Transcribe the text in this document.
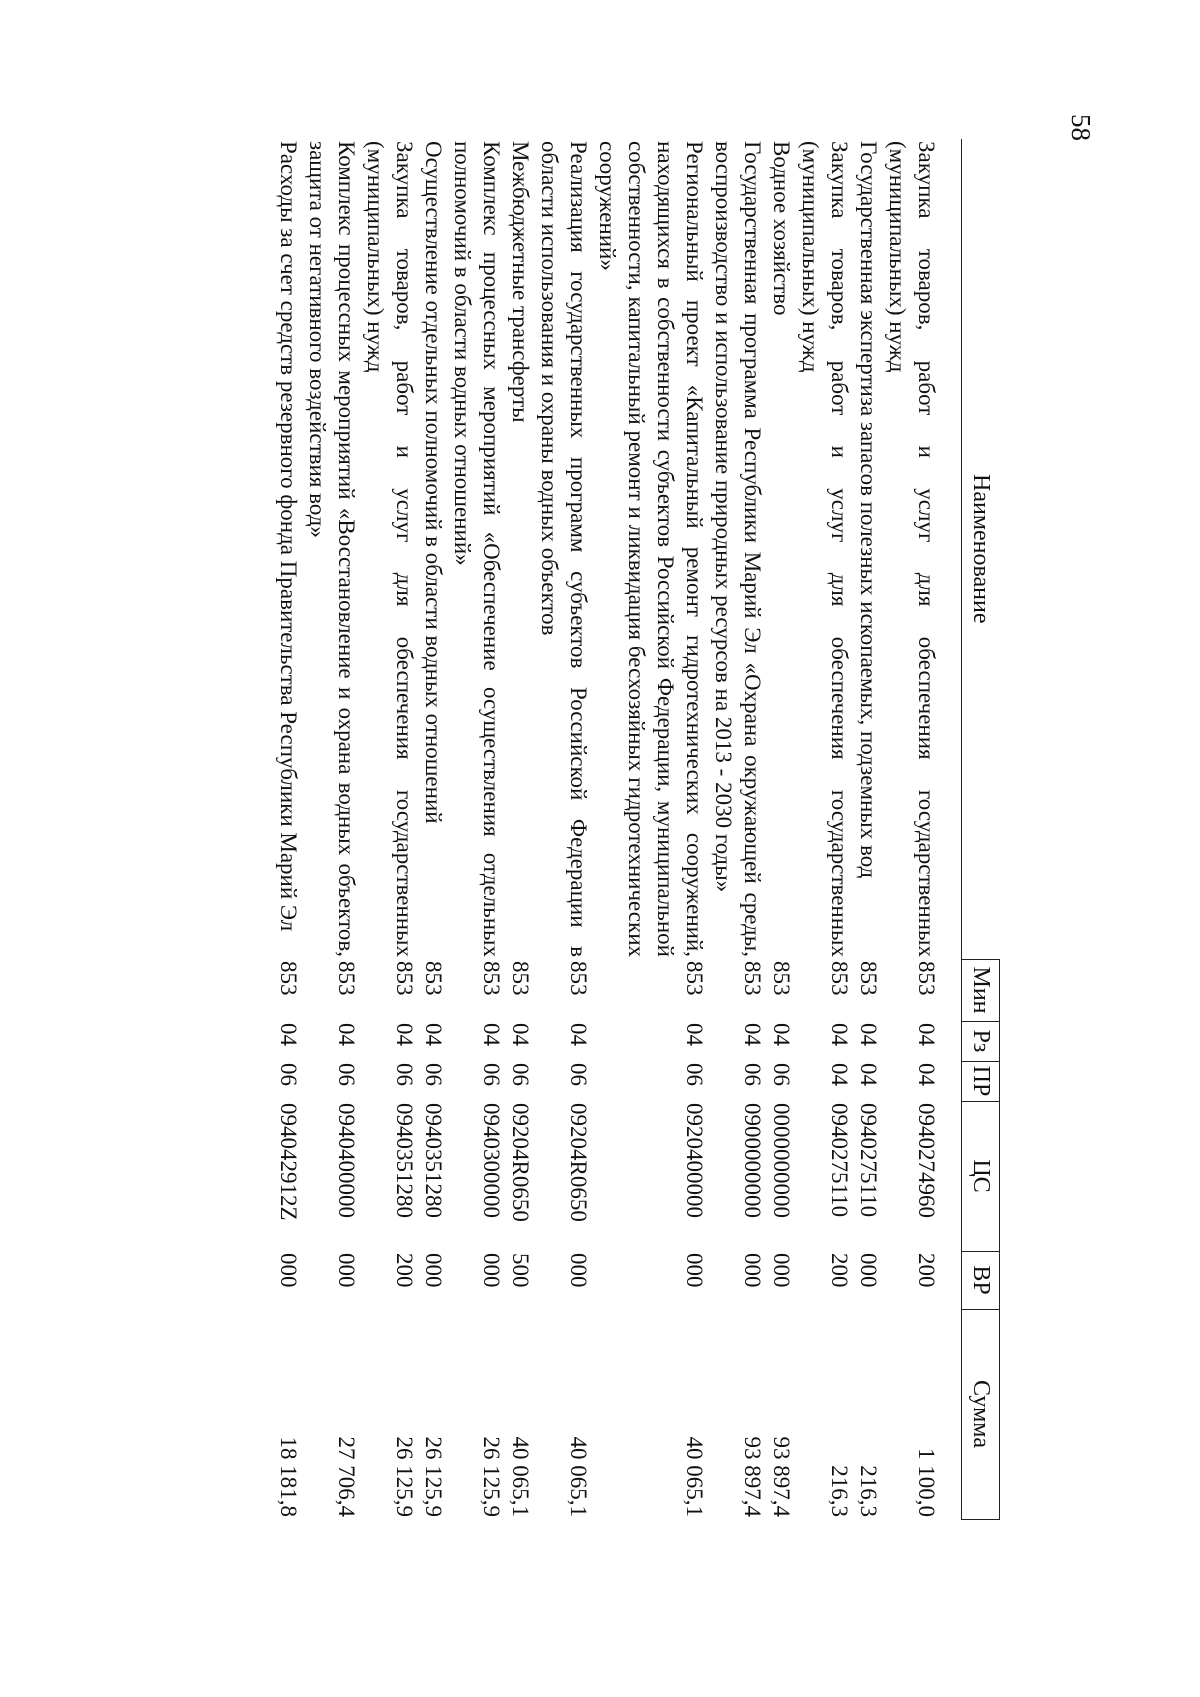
58
Наименование	Мин	Рз	ПР	ЦС	ВР	Сумма
Закупка товаров, работ и услуг для обеспечения государственных (муниципальных) нужд	853	04	04	0940274960	200	1 100,0
Государственная экспертиза запасов полезных ископаемых, подземных вод	853	04	04	0940275110	000	216,3
Закупка товаров, работ и услуг для обеспечения государственных (муниципальных) нужд	853	04	04	0940275110	200	216,3
Водное хозяйство	853	04	06	0000000000	000	93 897,4
Государственная программа Республики Марий Эл «Охрана окружающей среды, воспроизводство и использование природных ресурсов на 2013 - 2030 годы»	853	04	06	0900000000	000	93 897,4
Региональный проект «Капитальный ремонт гидротехнических сооружений, находящихся в собственности субъектов Российской Федерации, муниципальной собственности, капитальный ремонт и ликвидация бесхозяйных гидротехнических сооружений»	853	04	06	0920400000	000	40 065,1
Реализация государственных программ субъектов Российской Федерации в области использования и охраны водных объектов	853	04	06	09204R0650	000	40 065,1
Межбюджетные трансферты	853	04	06	09204R0650	500	40 065,1
Комплекс процессных мероприятий «Обеспечение осуществления отдельных полномочий в области водных отношений»	853	04	06	0940300000	000	26 125,9
Осуществление отдельных полномочий в области водных отношений	853	04	06	0940351280	000	26 125,9
Закупка товаров, работ и услуг для обеспечения государственных (муниципальных) нужд	853	04	06	0940351280	200	26 125,9
Комплекс процессных мероприятий «Восстановление и охрана водных объектов, защита от негативного воздействия вод»	853	04	06	0940400000	000	27 706,4
Расходы за счет средств резервного фонда Правительства Республики Марий Эл	853	04	06	094042912Z	000	18 181,8
